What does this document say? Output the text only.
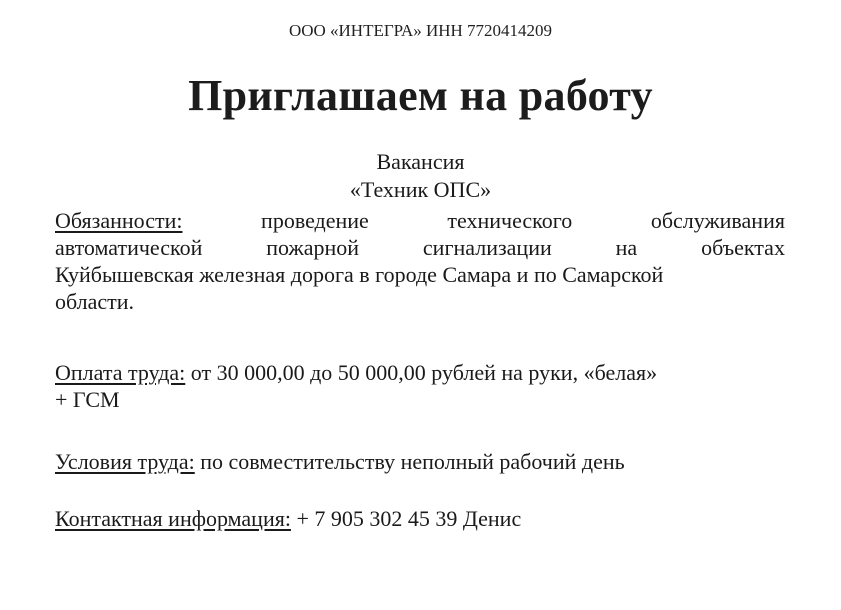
ООО «ИНТЕГРА» ИНН 7720414209
Приглашаем на работу
Вакансия
«Техник ОПС»
Обязанности:	проведение	технического	обслуживания
автоматической	пожарной	сигнализации	на	объектах
Куйбышевская железная дорога в городе Самара и по Самарской
области.
Оплата труда: от 30 000,00 до 50 000,00 рублей на руки, «белая»
+ ГСМ
Условия труда: по совместительству неполный рабочий день
Контактная информация: + 7 905 302 45 39 Денис
